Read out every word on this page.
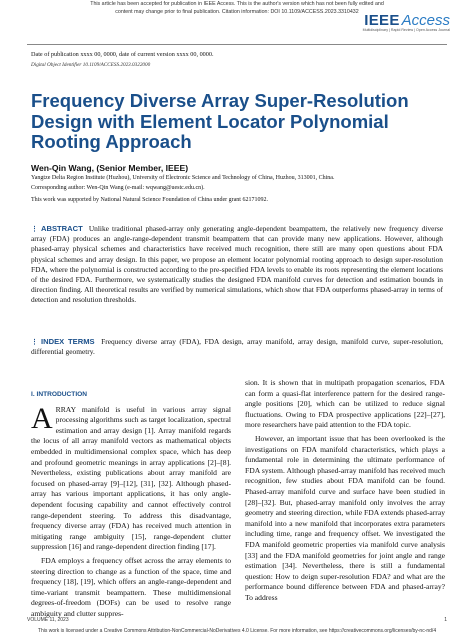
This article has been accepted for publication in IEEE Access. This is the author's version which has not been fully edited and
content may change prior to final publication. Citation information: DOI 10.1109/ACCESS.2023.3310432 IEEE Access
Multidisciplinary | Rapid Review | Open Access Journal
Date of publication xxxx 00, 0000, date of current version xxxx 00, 0000.
Digital Object Identifier 10.1109/ACCESS.2023.0322000
Frequency Diverse Array Super-Resolution Design with Element Locator Polynomial Rooting Approach
Wen-Qin Wang, (Senior Member, IEEE)
Yangtze Delta Region Institute (Huzhou), University of Electronic Science and Technology of China, Huzhou, 313001, China.
Corresponding author: Wen-Qin Wang (e-mail: wqwang@uestc.edu.cn).
This work was supported by National Natural Science Foundation of China under grant 62171092.
⋮ ABSTRACT Unlike traditional phased-array only generating angle-dependent beampattern, the relatively new frequency diverse array (FDA) produces an angle-range-dependent transmit beampattern that can provide many new applications. However, although phased-array physical schemes and characteristics have received much recognition, there still are many open questions about FDA physical schemes and array design. In this paper, we propose an element locator polynomial rooting approach to design super-resolution FDA, where the polynomial is constructed according to the pre-specified FDA levels to enable its roots representing the element locations of the desired FDA. Furthermore, we systematically studies the designed FDA manifold curves for detection and estimation bounds in direction finding. All theoretical results are verified by numerical simulations, which show that FDA outperforms phased-array in terms of detection and resolution thresholds.
⋮ INDEX TERMS Frequency diverse array (FDA), FDA design, array manifold, array design, manifold curve, super-resolution, differential geometry.
I. INTRODUCTION

ARRAY manifold is useful in various array signal processing algorithms such as target localization, spectral estimation and array design [1]. Array manifold regards the locus of all array manifold vectors as mathematical objects embedded in multidimensional complex space, which has deep and profound geometric meanings in array applications [2]–[8]. Nevertheless, existing publications about array manifold are focused on phased-array [9]–[12], [31], [32]. Although phased-array has various important applications, it has only angle-dependent focusing capability and cannot effectively control range-dependent steering. To address this disadvantage, frequency diverse array (FDA) has received much attention in mitigating range ambiguity [15], range-dependent clutter suppression [16] and range-dependent direction finding [17].

FDA employs a frequency offset across the array elements to steering direction to change as a function of the space, time and frequency [18], [19], which offers an angle-range-dependent and time-variant transmit beampattern. These multidimensional degrees-of-freedom (DOFs) can be used to resolve range ambiguity and clutter suppres-

sion. It is shown that in multipath propagation scenarios, FDA can form a quasi-flat interference pattern for the desired range-angle positions [20], which can be utilized to reduce signal fluctuations. Owing to FDA prospective applications [22]–[27], more researchers have paid attention to the FDA topic.

However, an important issue that has been overlooked is the investigations on FDA manifold characteristics, which plays a fundamental role in determining the ultimate performance of FDA system. Although phased-array manifold has received much recognition, few studies about FDA manifold can be found. Phased-array manifold curve and surface have been studied in [28]–[32]. But, phased-array manifold only involves the array geometry and steering direction, while FDA extends phased-array manifold into a new manifold that incorporates extra parameters including time, range and frequency offset. We investigated the FDA manifold geometric properties via manifold curve analysis [33] and the FDA manifold geometries for joint angle and range estimation [34]. Nevertheless, there is still a fundamental question: How to deign super-resolution FDA? and what are the performance bound difference between FDA and phased-array? To address

VOLUME 11, 2023	1
This work is licensed under a Creative Commons Attribution-NonCommercial-NoDerivatives 4.0 License. For more information, see https://creativecommons.org/licenses/by-nc-nd/4
